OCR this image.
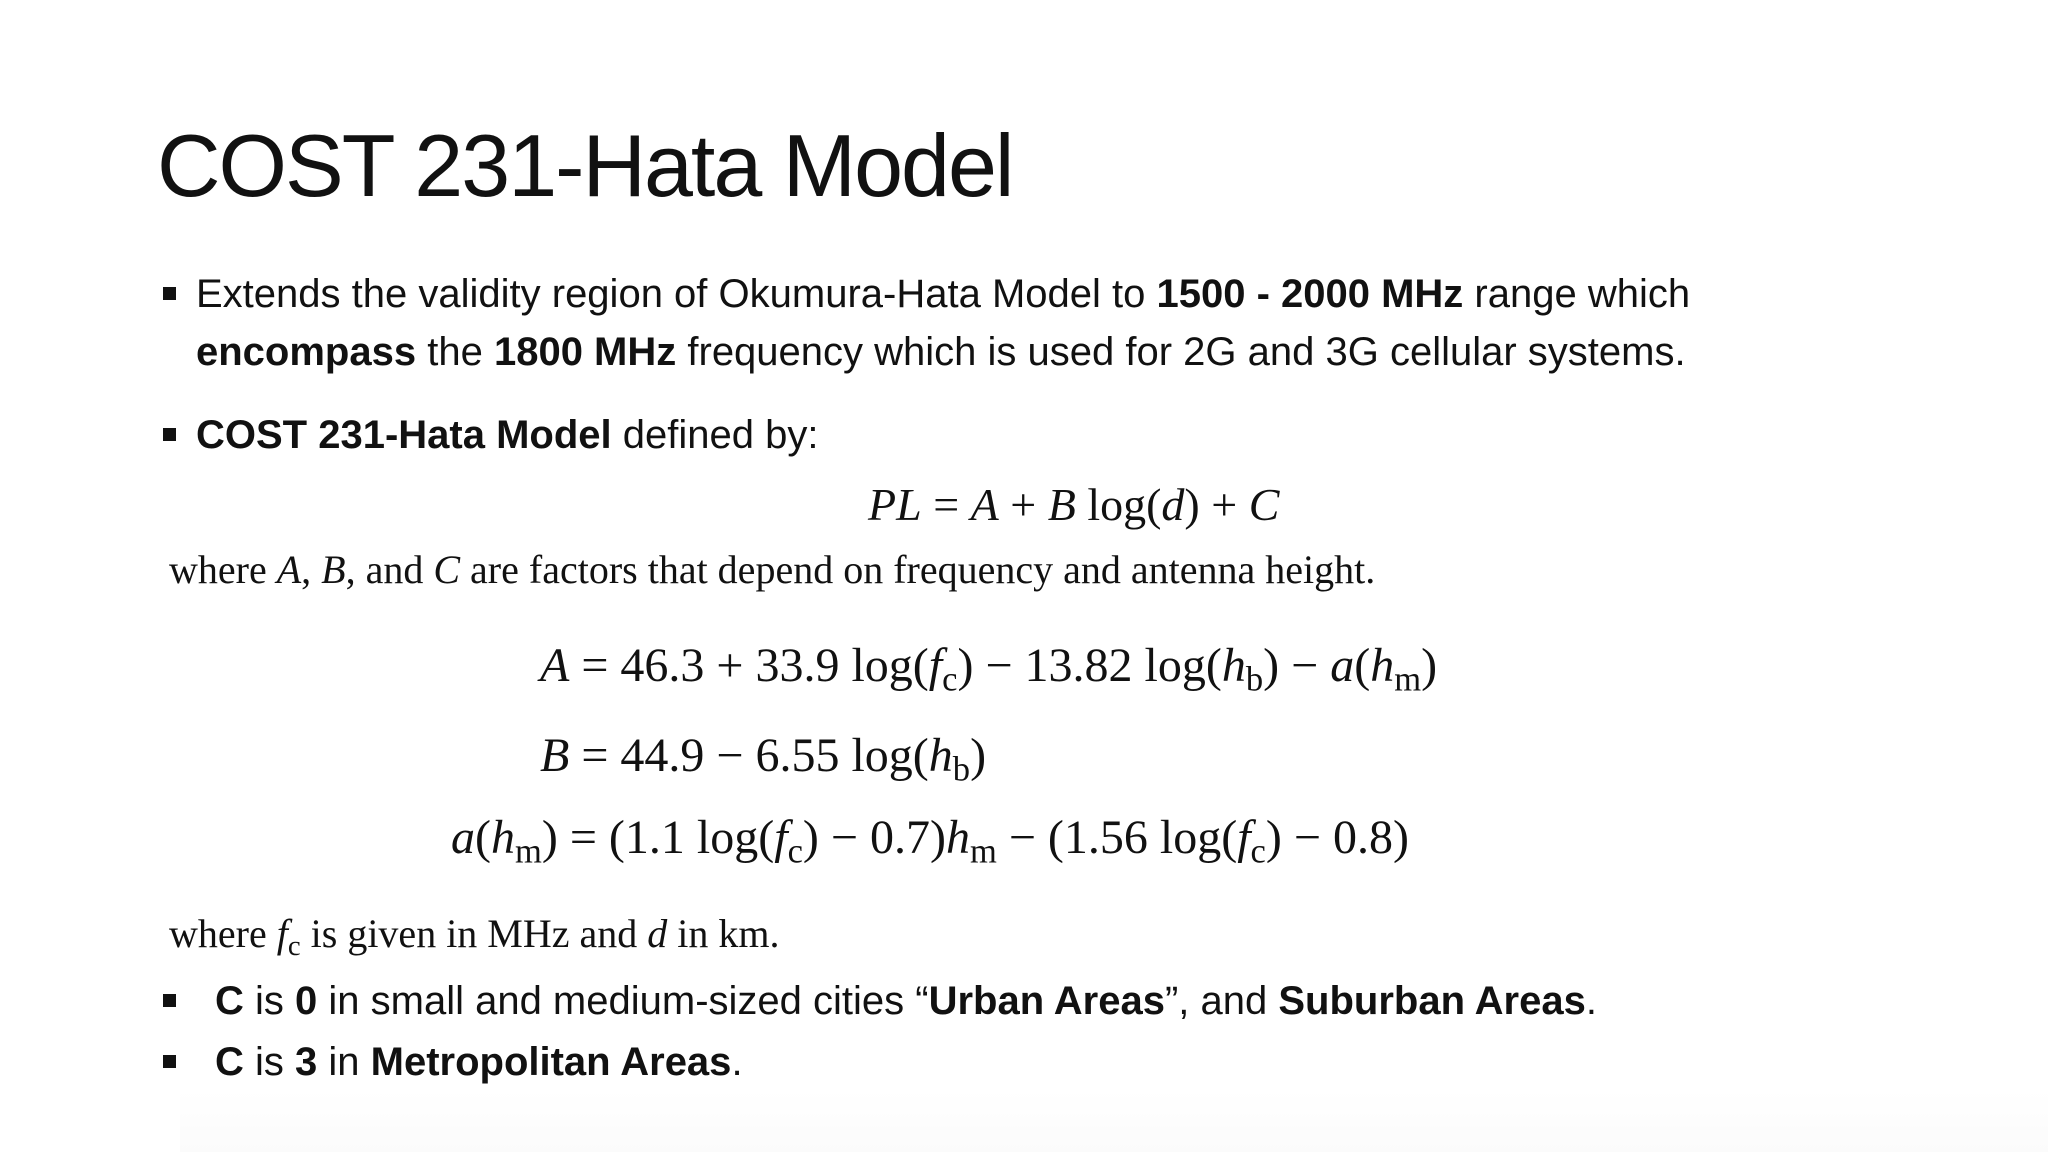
COST 231-Hata Model
Extends the validity region of Okumura-Hata Model to 1500 - 2000 MHz range which
encompass the 1800 MHz frequency which is used for 2G and 3G cellular systems.
COST 231-Hata Model defined by:
PL = A + B log(d) + C
where A, B, and C are factors that depend on frequency and antenna height.
A = 46.3 + 33.9 $\log(f_c) - 13.82$ $\log(h_b) - a(h_m)$
B = 44.9 − 6.55 $\log(h_b)$
$a(h_m) = (1.1$ $\log(f_c) - 0.7)h_m - (1.56$ $\log(f_c) - 0.8$)
where $f_c$ is given in MHz and d in km.
C is 0 in small and medium-sized cities “Urban Areas”, and Suburban Areas.
C is 3 in Metropolitan Areas.
